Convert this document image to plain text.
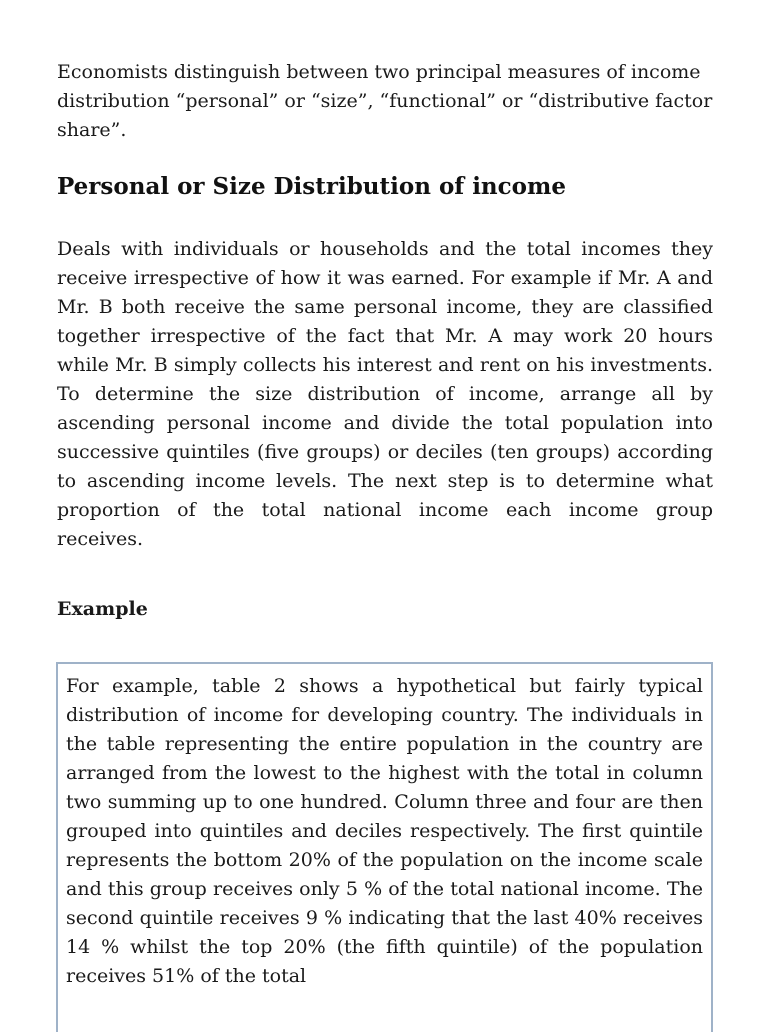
Economists distinguish between two principal measures of income distribution “personal” or “size”, “functional” or “distributive factor share”.

Personal or Size Distribution of income

Deals with individuals or households and the total incomes they receive irrespective of how it was earned. For example if Mr. A and Mr. B both receive the same personal income, they are classified together irrespective of the fact that Mr. A may work 20 hours while Mr. B simply collects his interest and rent on his investments. To determine the size distribution of income, arrange all by ascending personal income and divide the total population into successive quintiles (five groups) or deciles (ten groups) according to ascending income levels. The next step is to determine what proportion of the total national income each income group receives.

Example

For example, table 2 shows a hypothetical but fairly typical distribution of income for developing country. The individuals in the table representing the entire population in the country are arranged from the lowest to the highest with the total in column two summing up to one hundred. Column three and four are then grouped into quintiles and deciles respectively. The first quintile represents the bottom 20% of the population on the income scale and this group receives only 5 % of the total national income. The second quintile receives 9 % indicating that the last 40% receives 14 % whilst the top 20% (the fifth quintile) of the population receives 51% of the total
